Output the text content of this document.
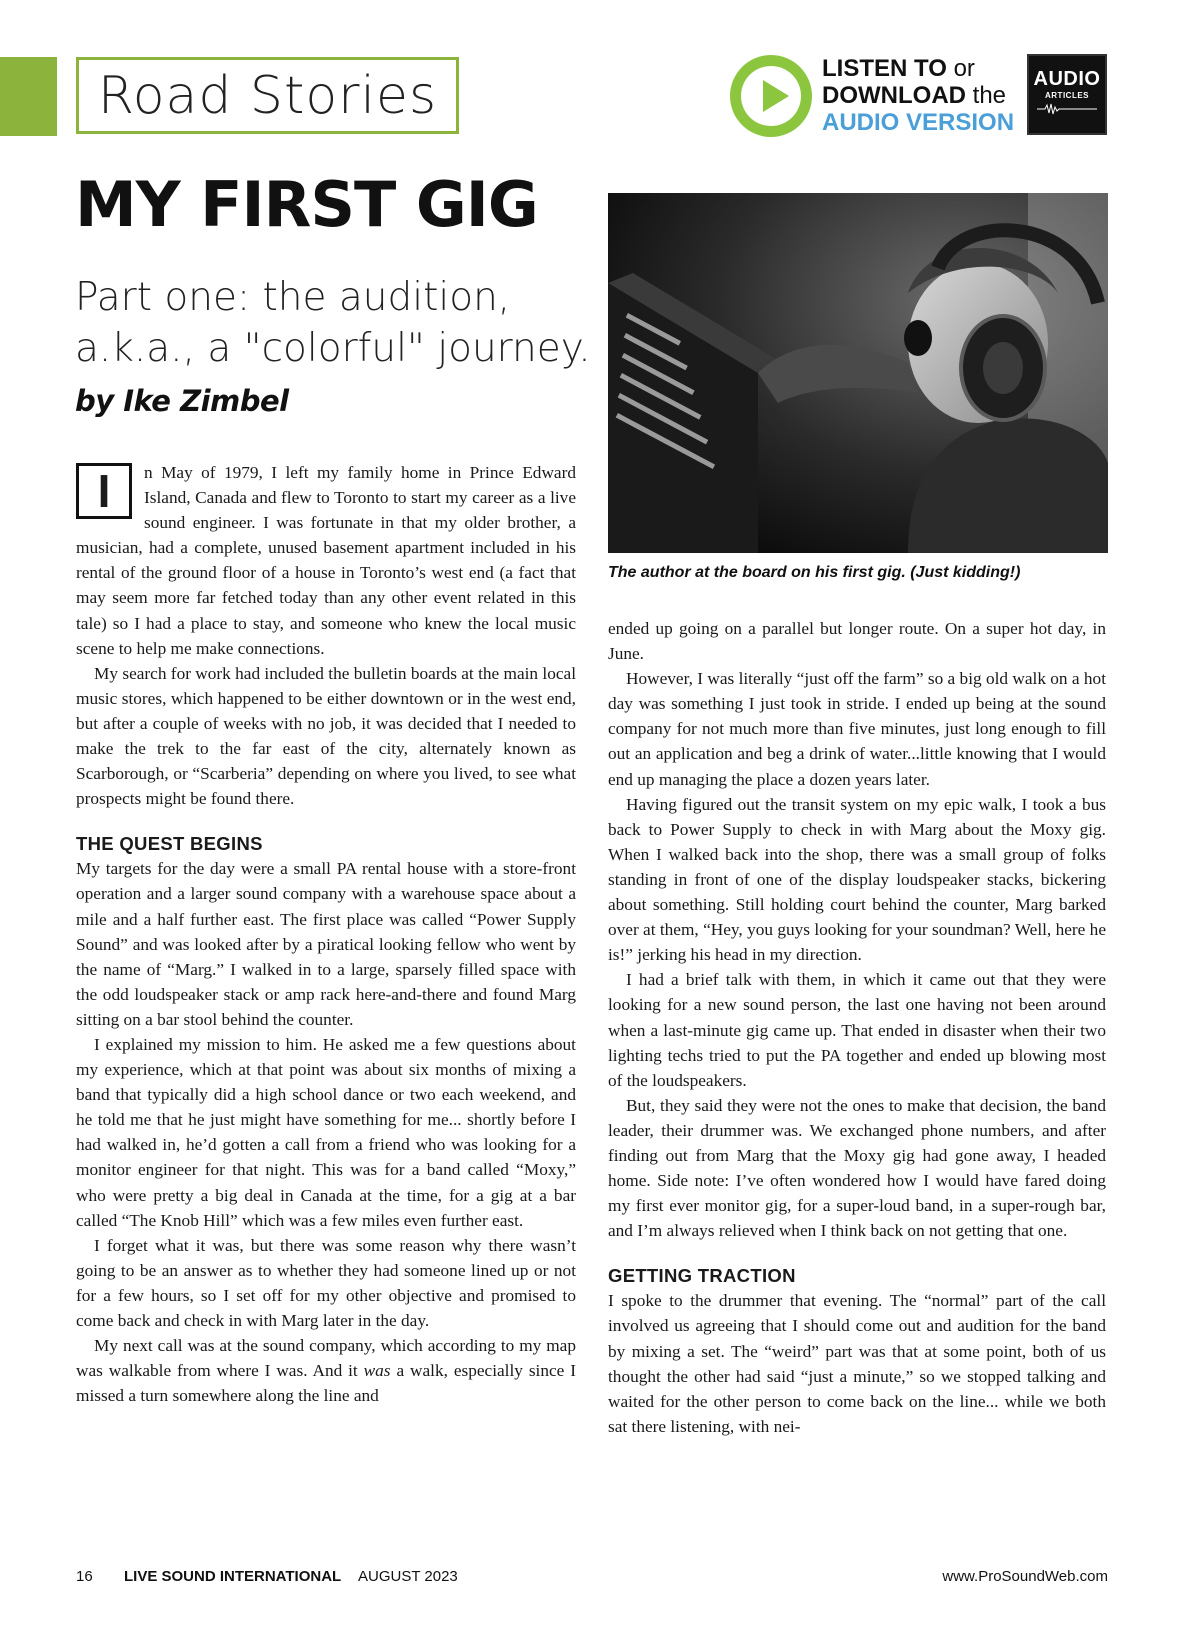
Road Stories	LISTEN TO or
DOWNLOAD the
AUDIO VERSION
AUDIO
ARTICLES
MY FIRST GIG

Part one: the audition, a.k.a., a "colorful" journey.

by Ike Zimbel

I	n May of 1979, I left my family home in Prince Edward Island, Canada and flew to Toronto to start my career as a live sound engineer. I was fortunate in that my older brother, a musician, had a complete, unused basement apartment included in his rental of the ground floor of a house in Toronto’s west end (a fact that may seem more far fetched today than any other event related in this tale) so I had a place to stay, and someone who knew the local music scene to help me make connections.

My search for work had included the bulletin boards at the main local music stores, which happened to be either downtown or in the west end, but after a couple of weeks with no job, it was decided that I needed to make the trek to the far east of the city, alternately known as Scarborough, or “Scarberia” depending on where you lived, to see what prospects might be found there.

THE QUEST BEGINS

My targets for the day were a small PA rental house with a store-front operation and a larger sound company with a warehouse space about a mile and a half further east. The first place was called “Power Supply Sound” and was looked after by a piratical looking fellow who went by the name of “Marg.” I walked in to a large, sparsely filled space with the odd loudspeaker stack or amp rack here-and-there and found Marg sitting on a bar stool behind the counter.

I explained my mission to him. He asked me a few questions about my experience, which at that point was about six months of mixing a band that typically did a high school dance or two each weekend, and he told me that he just might have something for me... shortly before I had walked in, he’d gotten a call from a friend who was looking for a monitor engineer for that night. This was for a band called “Moxy,” who were pretty a big deal in Canada at the time, for a gig at a bar called “The Knob Hill” which was a few miles even further east.

I forget what it was, but there was some reason why there wasn’t going to be an answer as to whether they had someone lined up or not for a few hours, so I set off for my other objective and promised to come back and check in with Marg later in the day.

My next call was at the sound company, which according to my map was walkable from where I was. And it was a walk, especially since I missed a turn somewhere along the line and

The author at the board on his first gig. (Just kidding!)

ended up going on a parallel but longer route. On a super hot day, in June.

However, I was literally “just off the farm” so a big old walk on a hot day was something I just took in stride. I ended up being at the sound company for not much more than five minutes, just long enough to fill out an application and beg a drink of water...little knowing that I would end up managing the place a dozen years later.

Having figured out the transit system on my epic walk, I took a bus back to Power Supply to check in with Marg about the Moxy gig. When I walked back into the shop, there was a small group of folks standing in front of one of the display loudspeaker stacks, bickering about something. Still holding court behind the counter, Marg barked over at them, “Hey, you guys looking for your soundman? Well, here he is!” jerking his head in my direction.

I had a brief talk with them, in which it came out that they were looking for a new sound person, the last one having not been around when a last-minute gig came up. That ended in disaster when their two lighting techs tried to put the PA together and ended up blowing most of the loudspeakers.

But, they said they were not the ones to make that decision, the band leader, their drummer was. We exchanged phone numbers, and after finding out from Marg that the Moxy gig had gone away, I headed home. Side note: I’ve often wondered how I would have fared doing my first ever monitor gig, for a super-loud band, in a super-rough bar, and I’m always relieved when I think back on not getting that one.

GETTING TRACTION

I spoke to the drummer that evening. The “normal” part of the call involved us agreeing that I should come out and audition for the band by mixing a set. The “weird” part was that at some point, both of us thought the other had said “just a minute,” so we stopped talking and waited for the other person to come back on the line... while we both sat there listening, with nei-

16 LIVE SOUND INTERNATIONAL AUGUST 2023	www.ProSoundWeb.com
